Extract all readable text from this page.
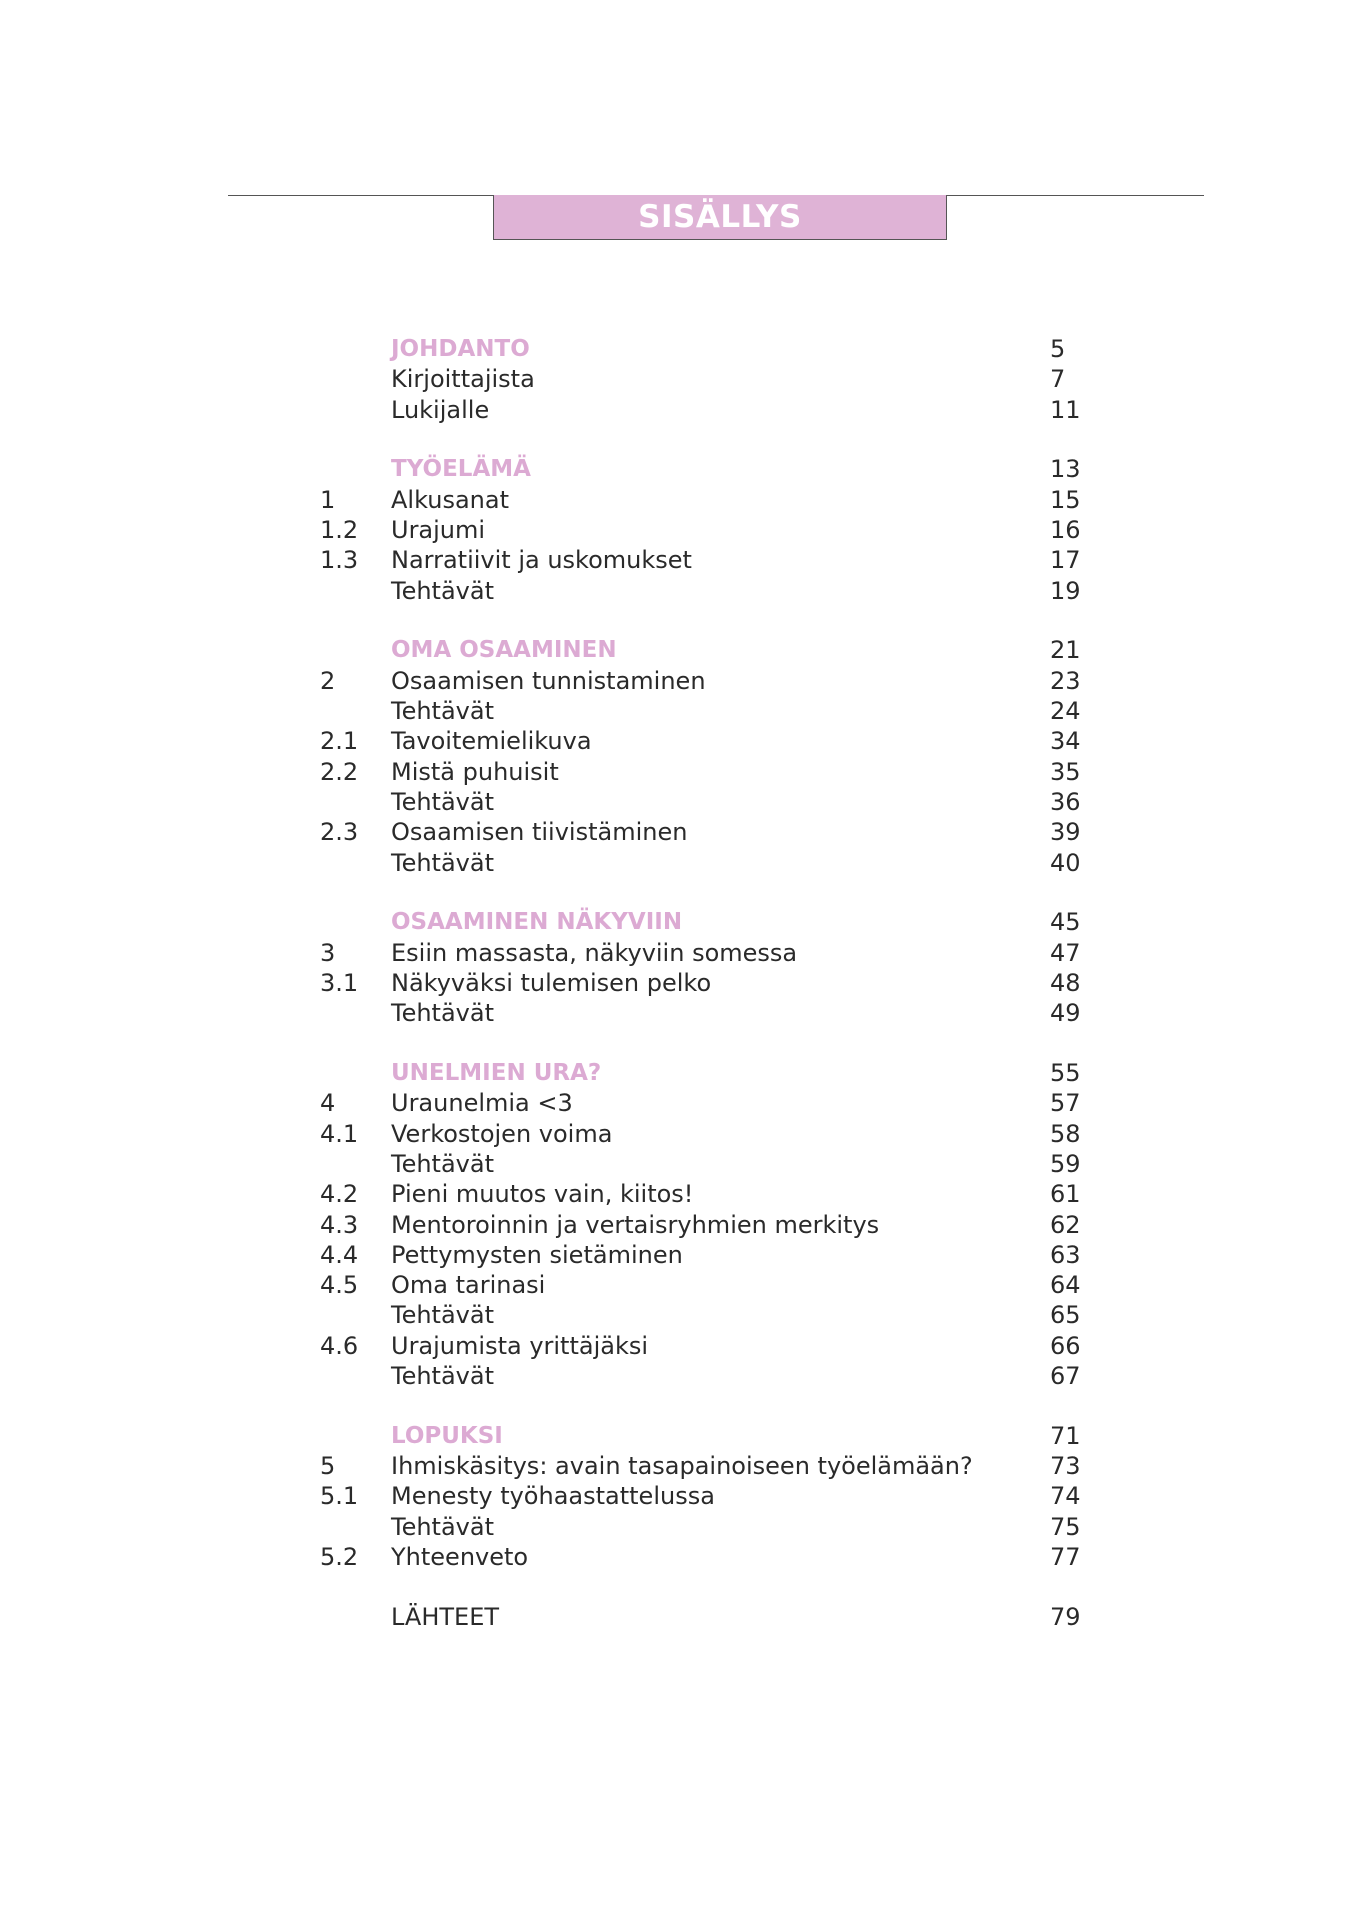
SISÄLLYS
JOHDANTO	5
Kirjoittajista	7
Lukijalle	11
TYÖELÄMÄ	13
1 Alkusanat	15
1.2 Urajumi	16
1.3 Narratiivit ja uskomukset	17
Tehtävät	19
OMA OSAAMINEN	21
2 Osaamisen tunnistaminen	23
Tehtävät	24
2.1 Tavoitemielikuva	34
2.2 Mistä puhuisit	35
Tehtävät	36
2.3 Osaamisen tiivistäminen	39
Tehtävät	40
OSAAMINEN NÄKYVIIN	45
3 Esiin massasta, näkyviin somessa	47
3.1 Näkyväksi tulemisen pelko	48
Tehtävät	49
UNELMIEN URA?	55
4 Uraunelmia <3	57
4.1 Verkostojen voima	58
Tehtävät	59
4.2 Pieni muutos vain, kiitos!	61
4.3 Mentoroinnin ja vertaisryhmien merkitys	62
4.4 Pettymysten sietäminen	63
4.5 Oma tarinasi	64
Tehtävät	65
4.6 Urajumista yrittäjäksi	66
Tehtävät	67
LOPUKSI	71
5 Ihmiskäsitys: avain tasapainoiseen työelämään?	73
5.1 Menesty työhaastattelussa	74
Tehtävät	75
5.2 Yhteenveto	77
LÄHTEET	79
